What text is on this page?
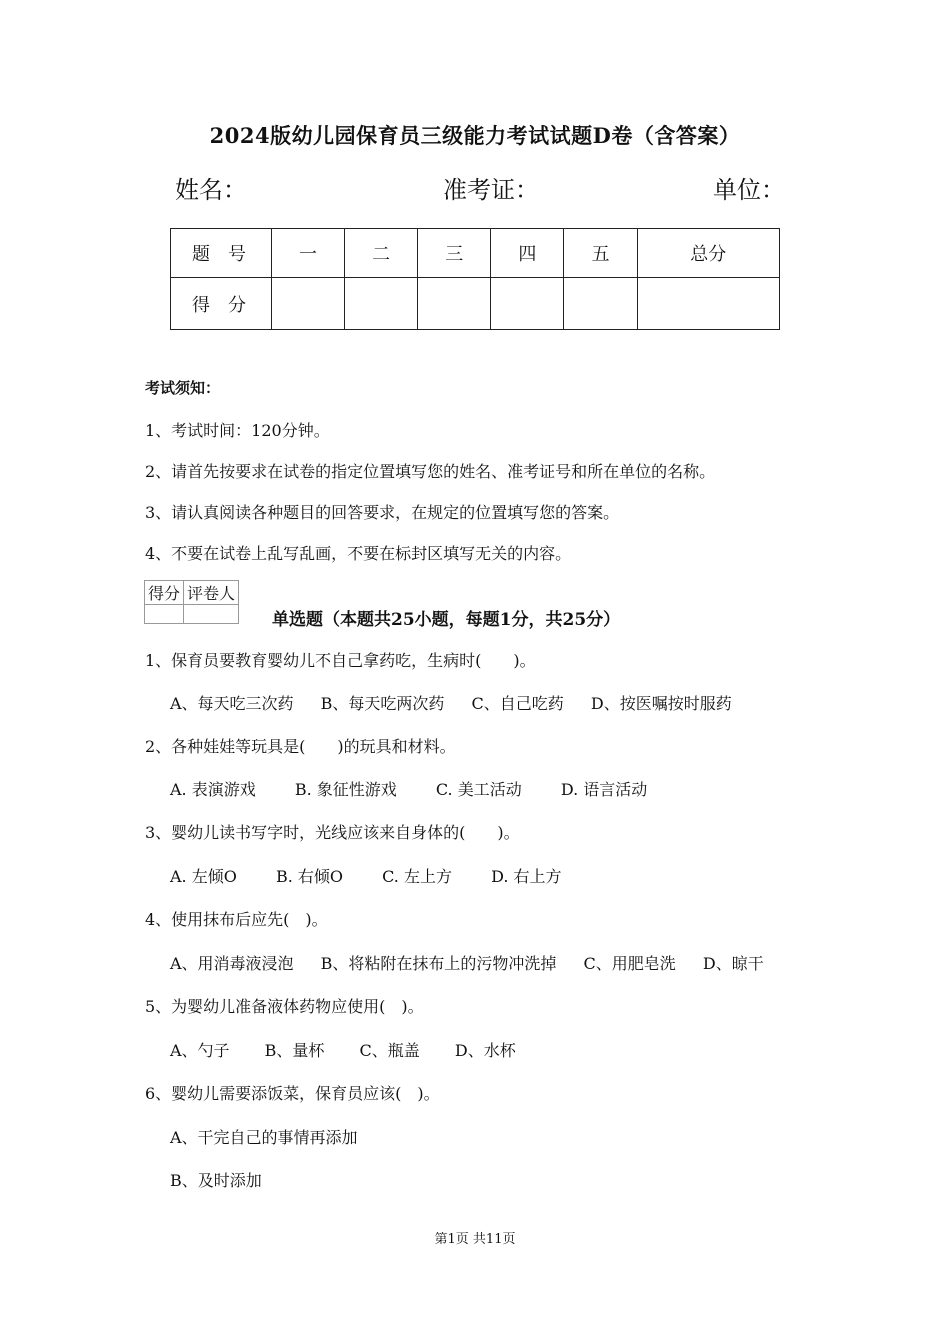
2024版幼儿园保育员三级能力考试试题D卷（含答案）
姓名：	准考证：	单位：
题号	一	二	三	四	五	总分
得分						
考试须知：
1、考试时间：120分钟。
2、请首先按要求在试卷的指定位置填写您的姓名、准考证号和所在单位的名称。
3、请认真阅读各种题目的回答要求，在规定的位置填写您的答案。
4、不要在试卷上乱写乱画，不要在标封区填写无关的内容。
得分	评卷人

单选题（本题共25小题，每题1分，共25分）
1、保育员要教育婴幼儿不自己拿药吃，生病时(　　)。
A、每天吃三次药 B、每天吃两次药 C、自己吃药 D、按医嘱按时服药
2、各种娃娃等玩具是(　　)的玩具和材料。
A. 表演游戏 B. 象征性游戏 C. 美工活动 D. 语言活动
3、婴幼儿读书写字时，光线应该来自身体的(　　)。
A. 左倾O B. 右倾O C. 左上方 D. 右上方
4、使用抹布后应先(　)。
A、用消毒液浸泡 B、将粘附在抹布上的污物冲洗掉 C、用肥皂洗 D、晾干
5、为婴幼儿准备液体药物应使用(　)。
A、勺子 B、量杯 C、瓶盖 D、水杯
6、婴幼儿需要添饭菜，保育员应该(　)。
A、干完自己的事情再添加
B、及时添加
第1页 共11页
